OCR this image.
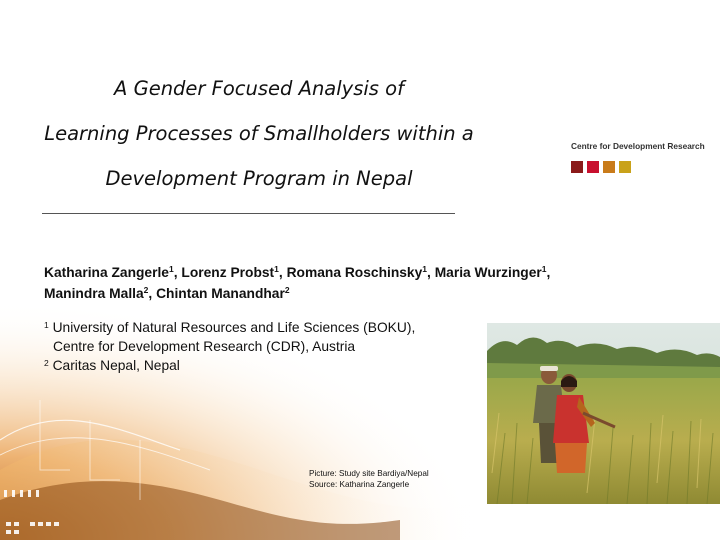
A Gender Focused Analysis of
Learning Processes of Smallholders within a
Development Program in Nepal
Centre for Development Research
Katharina Zangerle$^1$, Lorenz Probst$^1$, Romana Roschinsky$^1$, Maria Wurzinger$^1$,
Manindra Malla$^2$, Chintan Manandhar$^2$
$^1$ University of Natural Resources and Life Sciences (BOKU),
Centre for Development Research (CDR), Austria
$^2$ Caritas Nepal, Nepal
Picture: Study site Bardiya/Nepal
Source: Katharina Zangerle
